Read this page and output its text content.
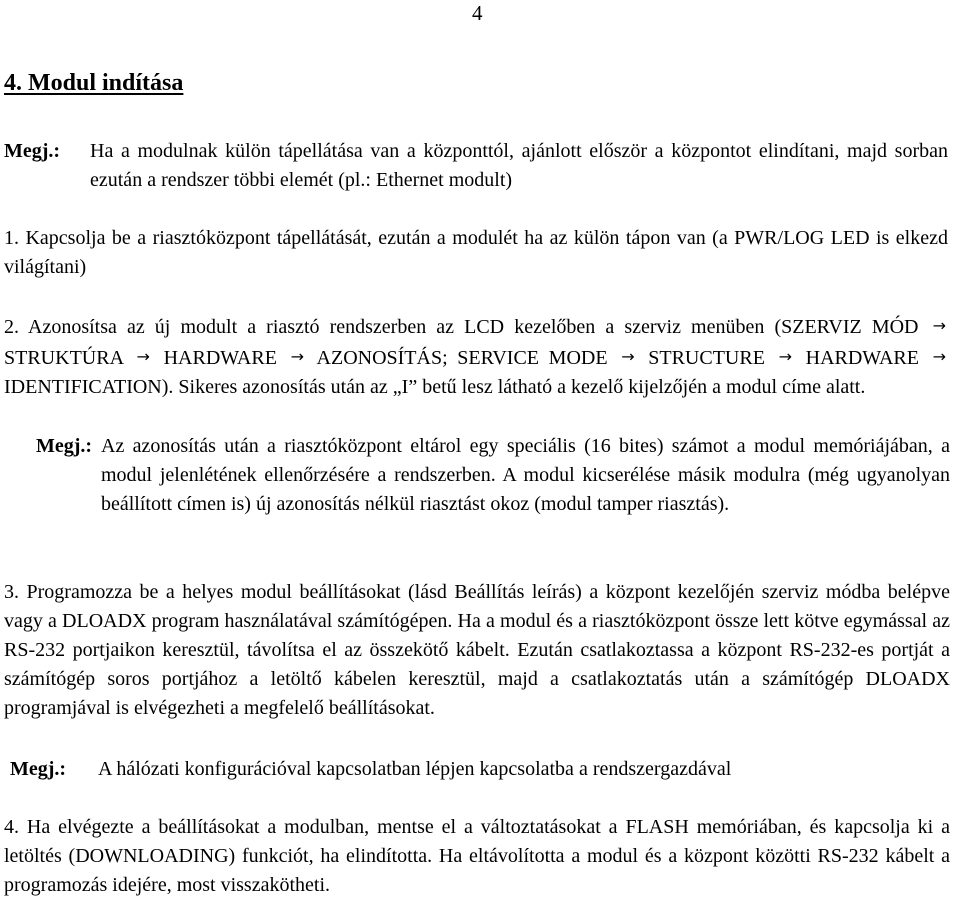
4
4. Modul indítása
Megj.: Ha a modulnak külön tápellátása van a központtól, ajánlott először a központot elindítani, majd sorban ezután a rendszer többi elemét (pl.: Ethernet modult)
1. Kapcsolja be a riasztóközpont tápellátását, ezután a modulét ha az külön tápon van (a PWR/LOG LED is elkezd világítani)
2. Azonosítsa az új modult a riasztó rendszerben az LCD kezelőben a szerviz menüben (SZERVIZ MÓD → STRUKTÚRA → HARDWARE → AZONOSÍTÁS; SERVICE MODE → STRUCTURE → HARDWARE → IDENTIFICATION). Sikeres azonosítás után az „I” betű lesz látható a kezelő kijelzőjén a modul címe alatt.
Megj.: Az azonosítás után a riasztóközpont eltárol egy speciális (16 bites) számot a modul memóriájában, a modul jelenlétének ellenőrzésére a rendszerben. A modul kicserélése másik modulra (még ugyanolyan beállított címen is) új azonosítás nélkül riasztást okoz (modul tamper riasztás).
3. Programozza be a helyes modul beállításokat (lásd Beállítás leírás) a központ kezelőjén szerviz módba belépve vagy a DLOADX program használatával számítógépen. Ha a modul és a riasztóközpont össze lett kötve egymással az RS-232 portjaikon keresztül, távolítsa el az összekötő kábelt. Ezután csatlakoztassa a központ RS-232-es portját a számítógép soros portjához a letöltő kábelen keresztül, majd a csatlakoztatás után a számítógép DLOADX programjával is elvégezheti a megfelelő beállításokat.
Megj.: A hálózati konfigurációval kapcsolatban lépjen kapcsolatba a rendszergazdával
4. Ha elvégezte a beállításokat a modulban, mentse el a változtatásokat a FLASH memóriában, és kapcsolja ki a letöltés (DOWNLOADING) funkciót, ha elindította. Ha eltávolította a modul és a központ közötti RS-232 kábelt a programozás idejére, most visszakötheti.
